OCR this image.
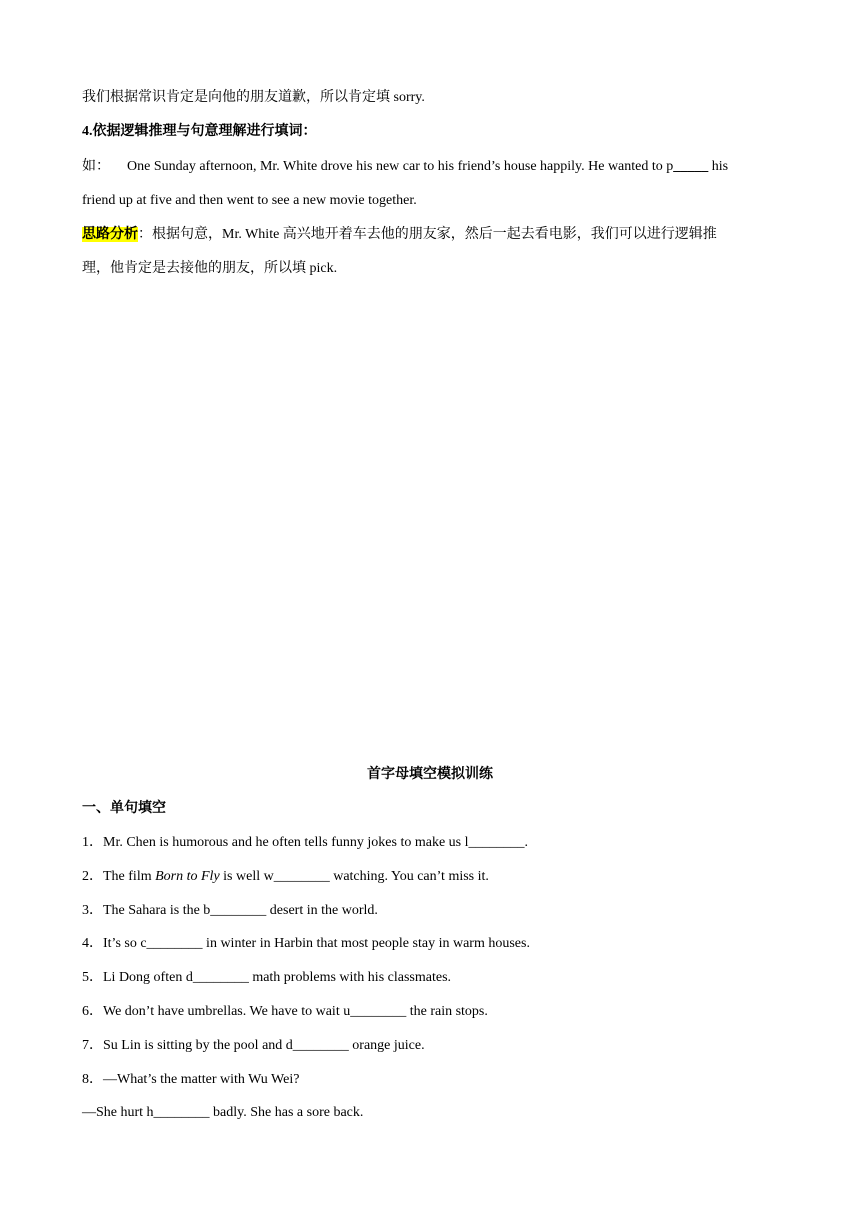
我们根据常识肯定是向他的朋友道歉，所以肯定填 sorry.
4.依据逻辑推理与句意理解进行填词：
如： One Sunday afternoon, Mr. White drove his new car to his friend’s house happily. He wanted to p_____ his
friend up at five and then went to see a new movie together.
思路分析：根据句意，Mr. White 高兴地开着车去他的朋友家，然后一起去看电影，我们可以进行逻辑推
理，他肯定是去接他的朋友，所以填 pick.
首字母填空模拟训练
一、单句填空
1．Mr. Chen is humorous and he often tells funny jokes to make us l________.
2．The film Born to Fly is well w________ watching. You can’t miss it.
3．The Sahara is the b________ desert in the world.
4．It’s so c________ in winter in Harbin that most people stay in warm houses.
5．Li Dong often d________ math problems with his classmates.
6．We don’t have umbrellas. We have to wait u________ the rain stops.
7．Su Lin is sitting by the pool and d________ orange juice.
8．—What’s the matter with Wu Wei?
—She hurt h________ badly. She has a sore back.
